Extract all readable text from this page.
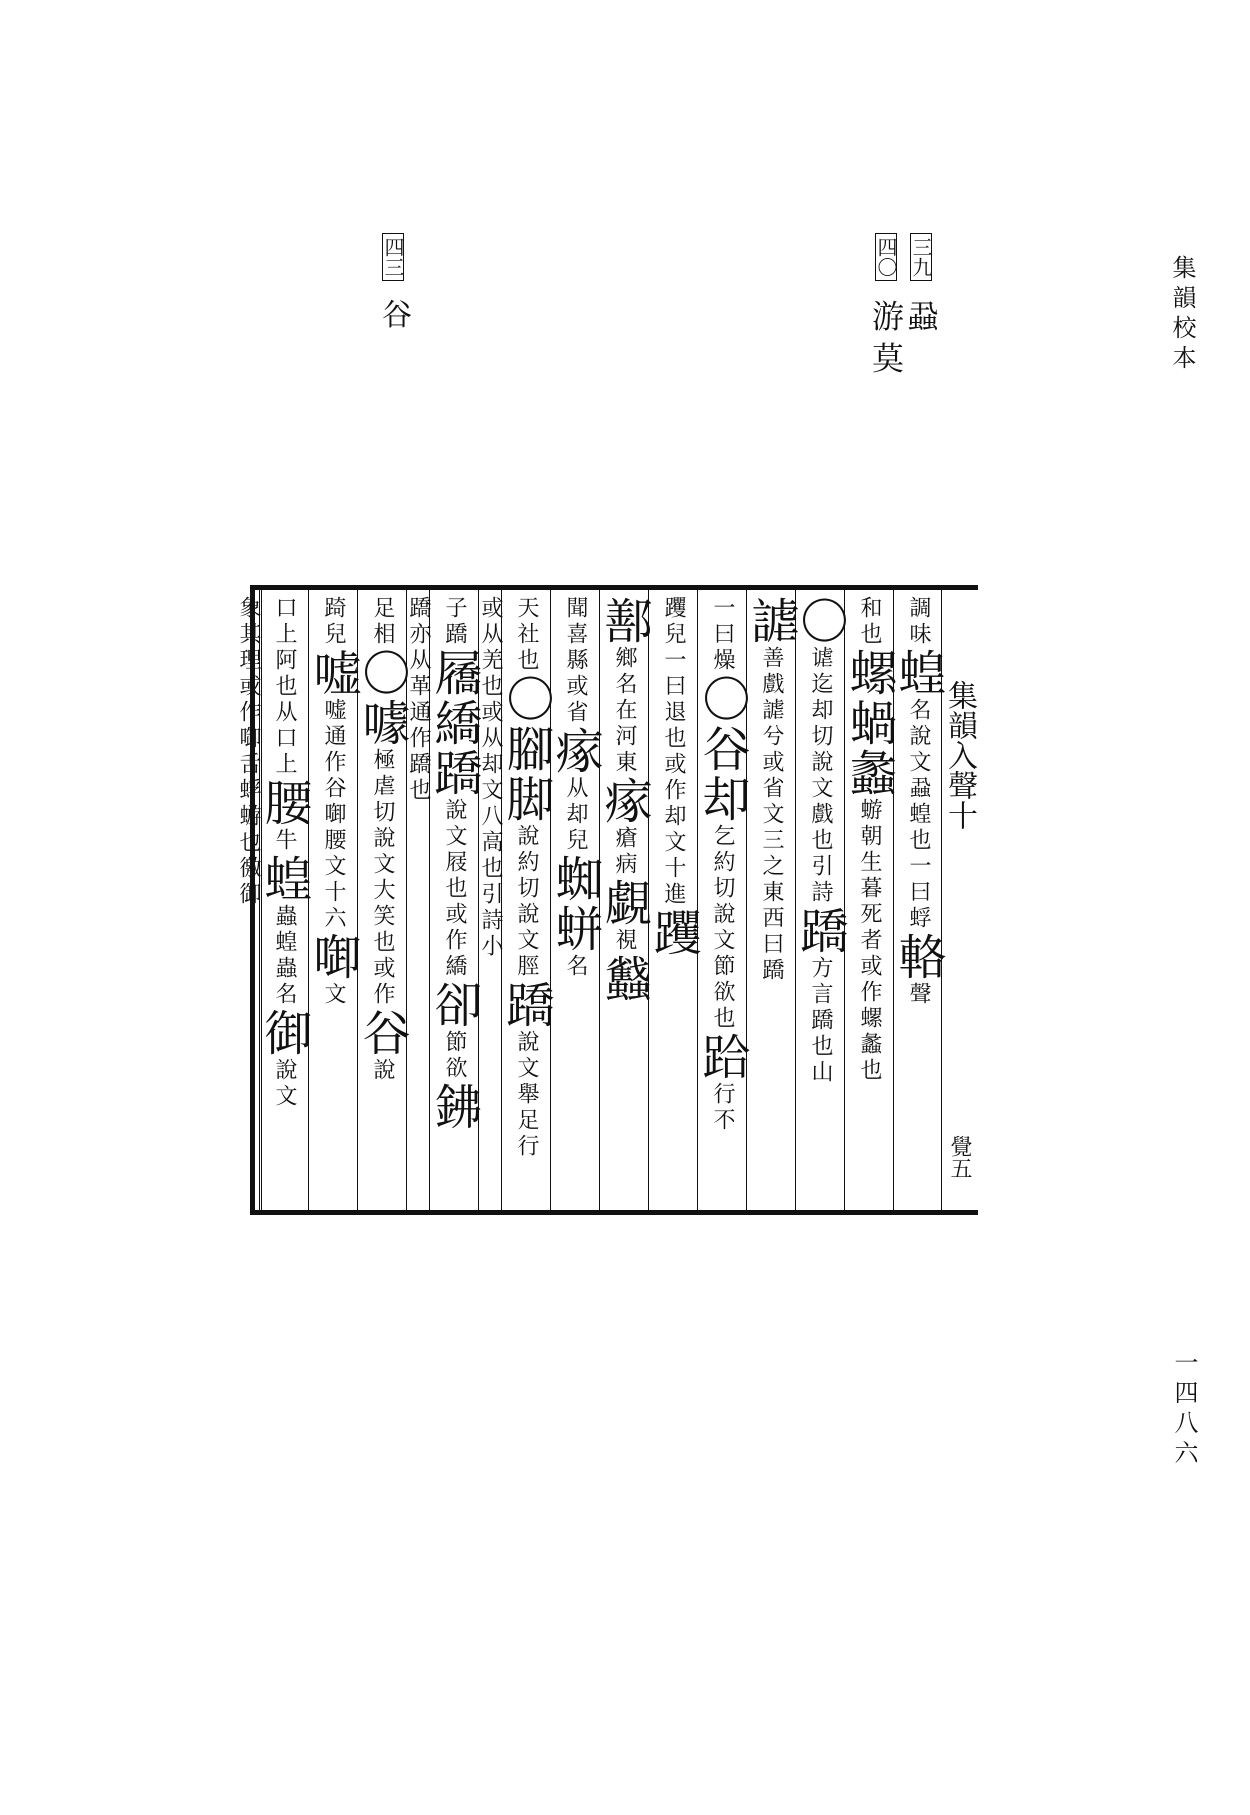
集韻校本
一四八六
三九 蝨
四〇 游 莫
四三 谷
集韻入聲十
覺五
調味蝗名說文蝨蝗也一曰蜉輅聲
和也螺蝸蠡蝣朝生暮死者或作螺蠡也
〇谑迄却切說文戲也引詩蹻方言蹻也山
謔善戲謔兮或省文三之東西曰蹻
一曰燥〇谷却乞約切說文節欲也跲行不
躩兒一曰退也或作却文十進躩
鄯鄉名在河東瘃瘡病覷視蠽
聞喜縣或省瘃从却兒蜘蛢名
天社也〇腳脚說約切說文脛蹻說文舉足行
或从羌也或从却文八高也引詩小
子蹻屩繑蹻說文屐也或作繑卻節欲鉘
蹻亦从革通作蹻也
足相〇噱極虐切說文大笑也或作谷說
踦兒嘘嘘通作谷啣腰文十六啣文
口上阿也从口上腰牛蝗蟲蝗蟲名御說文
象其理或作啣舌蜉蝣也徼御
